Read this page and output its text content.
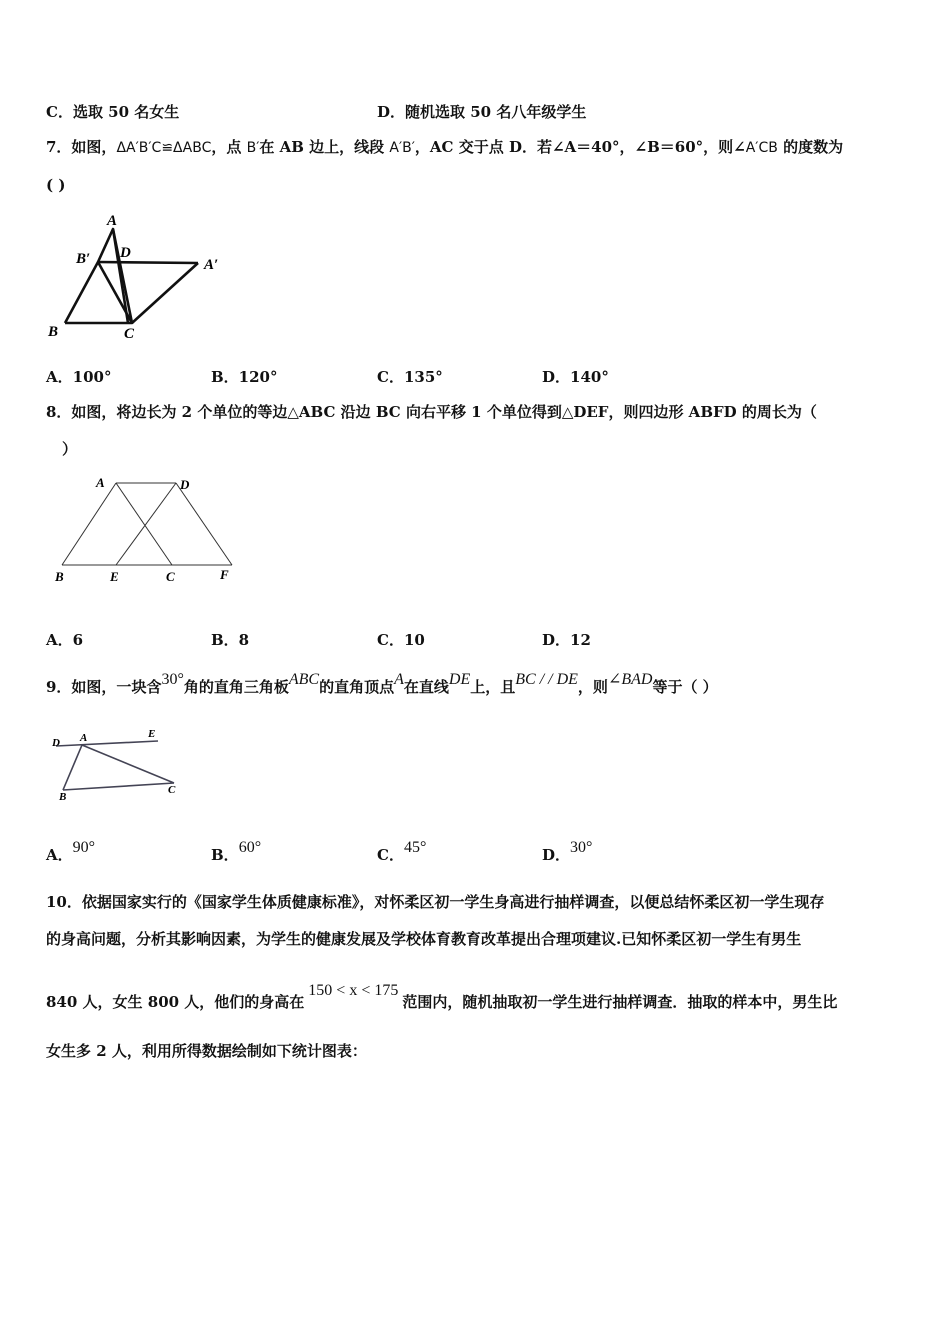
C．选取 50 名女生	D．随机选取 50 名八年级学生
7．如图，ΔA′B′C≌ΔABC，点 B′在 AB 边上，线段 A′B′，AC 交于点 D．若∠A＝40°，∠B＝60°，则∠A′CB 的度数为
( )
A
B′ D
A′
B	C
A．100°	B．120°	C．135°	D．140°
8．如图，将边长为 2 个单位的等边△ABC 沿边 BC 向右平移 1 个单位得到△DEF，则四边形 ABFD 的周长为（
）
A	D
B	E	C	F
A．6	B．8	C．10	D．12
9．如图，一块含30°角的直角三角板ABC的直角顶点A在直线DE上，且BC / / DE，则∠BAD等于（ ）
D A	E
B
C
A．90°	B．60°	C．45°	D．30°
10．依据国家实行的《国家学生体质健康标准》，对怀柔区初一学生身高进行抽样调查，以便总结怀柔区初一学生现存
的身高问题，分析其影响因素，为学生的健康发展及学校体育教育改革提出合理项建议.已知怀柔区初一学生有男生
840 人，女生 800 人，他们的身高在150 < x < 175范围内，随机抽取初一学生进行抽样调查．抽取的样本中，男生比
女生多 2 人，利用所得数据绘制如下统计图表：
